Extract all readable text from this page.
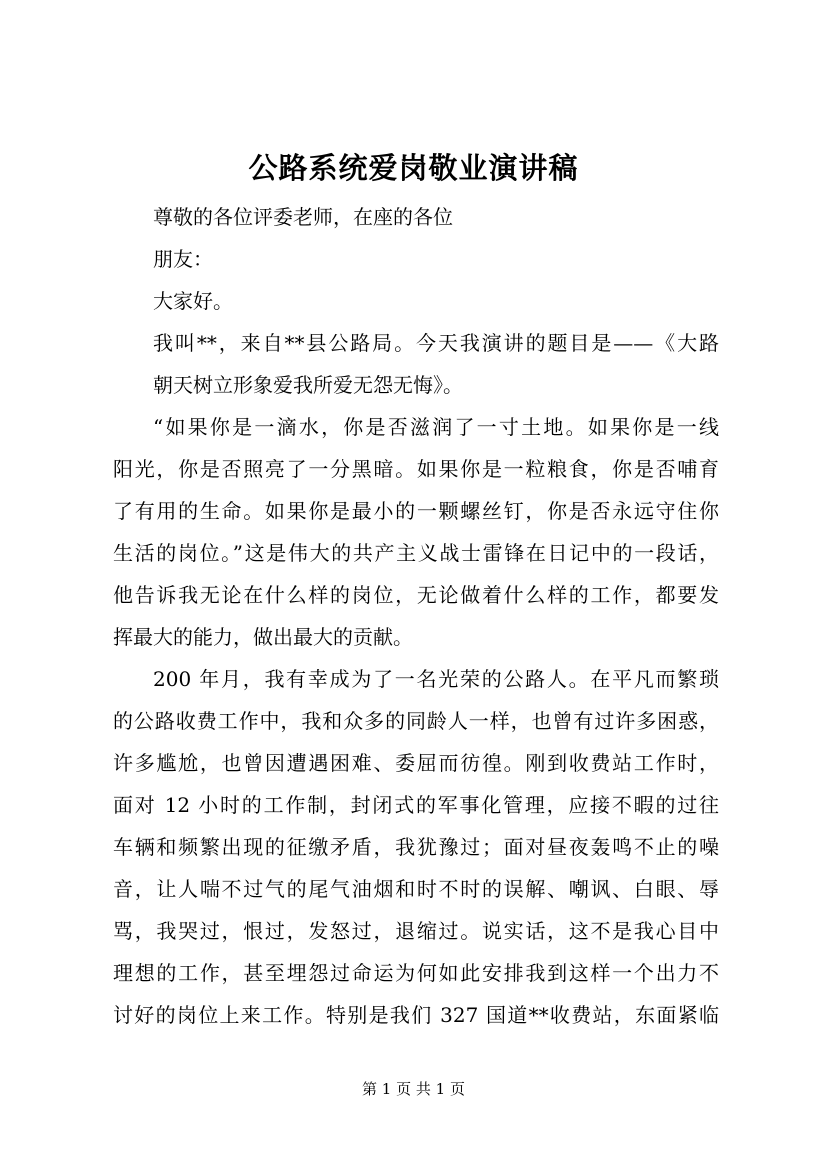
公路系统爱岗敬业演讲稿

尊敬的各位评委老师，在座的各位

朋友：

大家好。

我叫**，来自**县公路局。今天我演讲的题目是——《大路
朝天树立形象爱我所爱无怨无悔》。

“如果你是一滴水，你是否滋润了一寸土地。如果你是一线
阳光，你是否照亮了一分黑暗。如果你是一粒粮食，你是否哺育
了有用的生命。如果你是最小的一颗螺丝钉，你是否永远守住你
生活的岗位。”这是伟大的共产主义战士雷锋在日记中的一段话，
他告诉我无论在什么样的岗位，无论做着什么样的工作，都要发
挥最大的能力，做出最大的贡献。

200 年月，我有幸成为了一名光荣的公路人。在平凡而繁琐
的公路收费工作中，我和众多的同龄人一样，也曾有过许多困惑，
许多尴尬，也曾因遭遇困难、委屈而彷徨。刚到收费站工作时，
面对 12 小时的工作制，封闭式的军事化管理，应接不暇的过往
车辆和频繁出现的征缴矛盾，我犹豫过；面对昼夜轰鸣不止的噪
音，让人喘不过气的尾气油烟和时不时的误解、嘲讽、白眼、辱
骂，我哭过，恨过，发怒过，退缩过。说实话，这不是我心目中
理想的工作，甚至埋怨过命运为何如此安排我到这样一个出力不
讨好的岗位上来工作。特别是我们 327 国道**收费站，东面紧临

第 1 页 共 1 页
